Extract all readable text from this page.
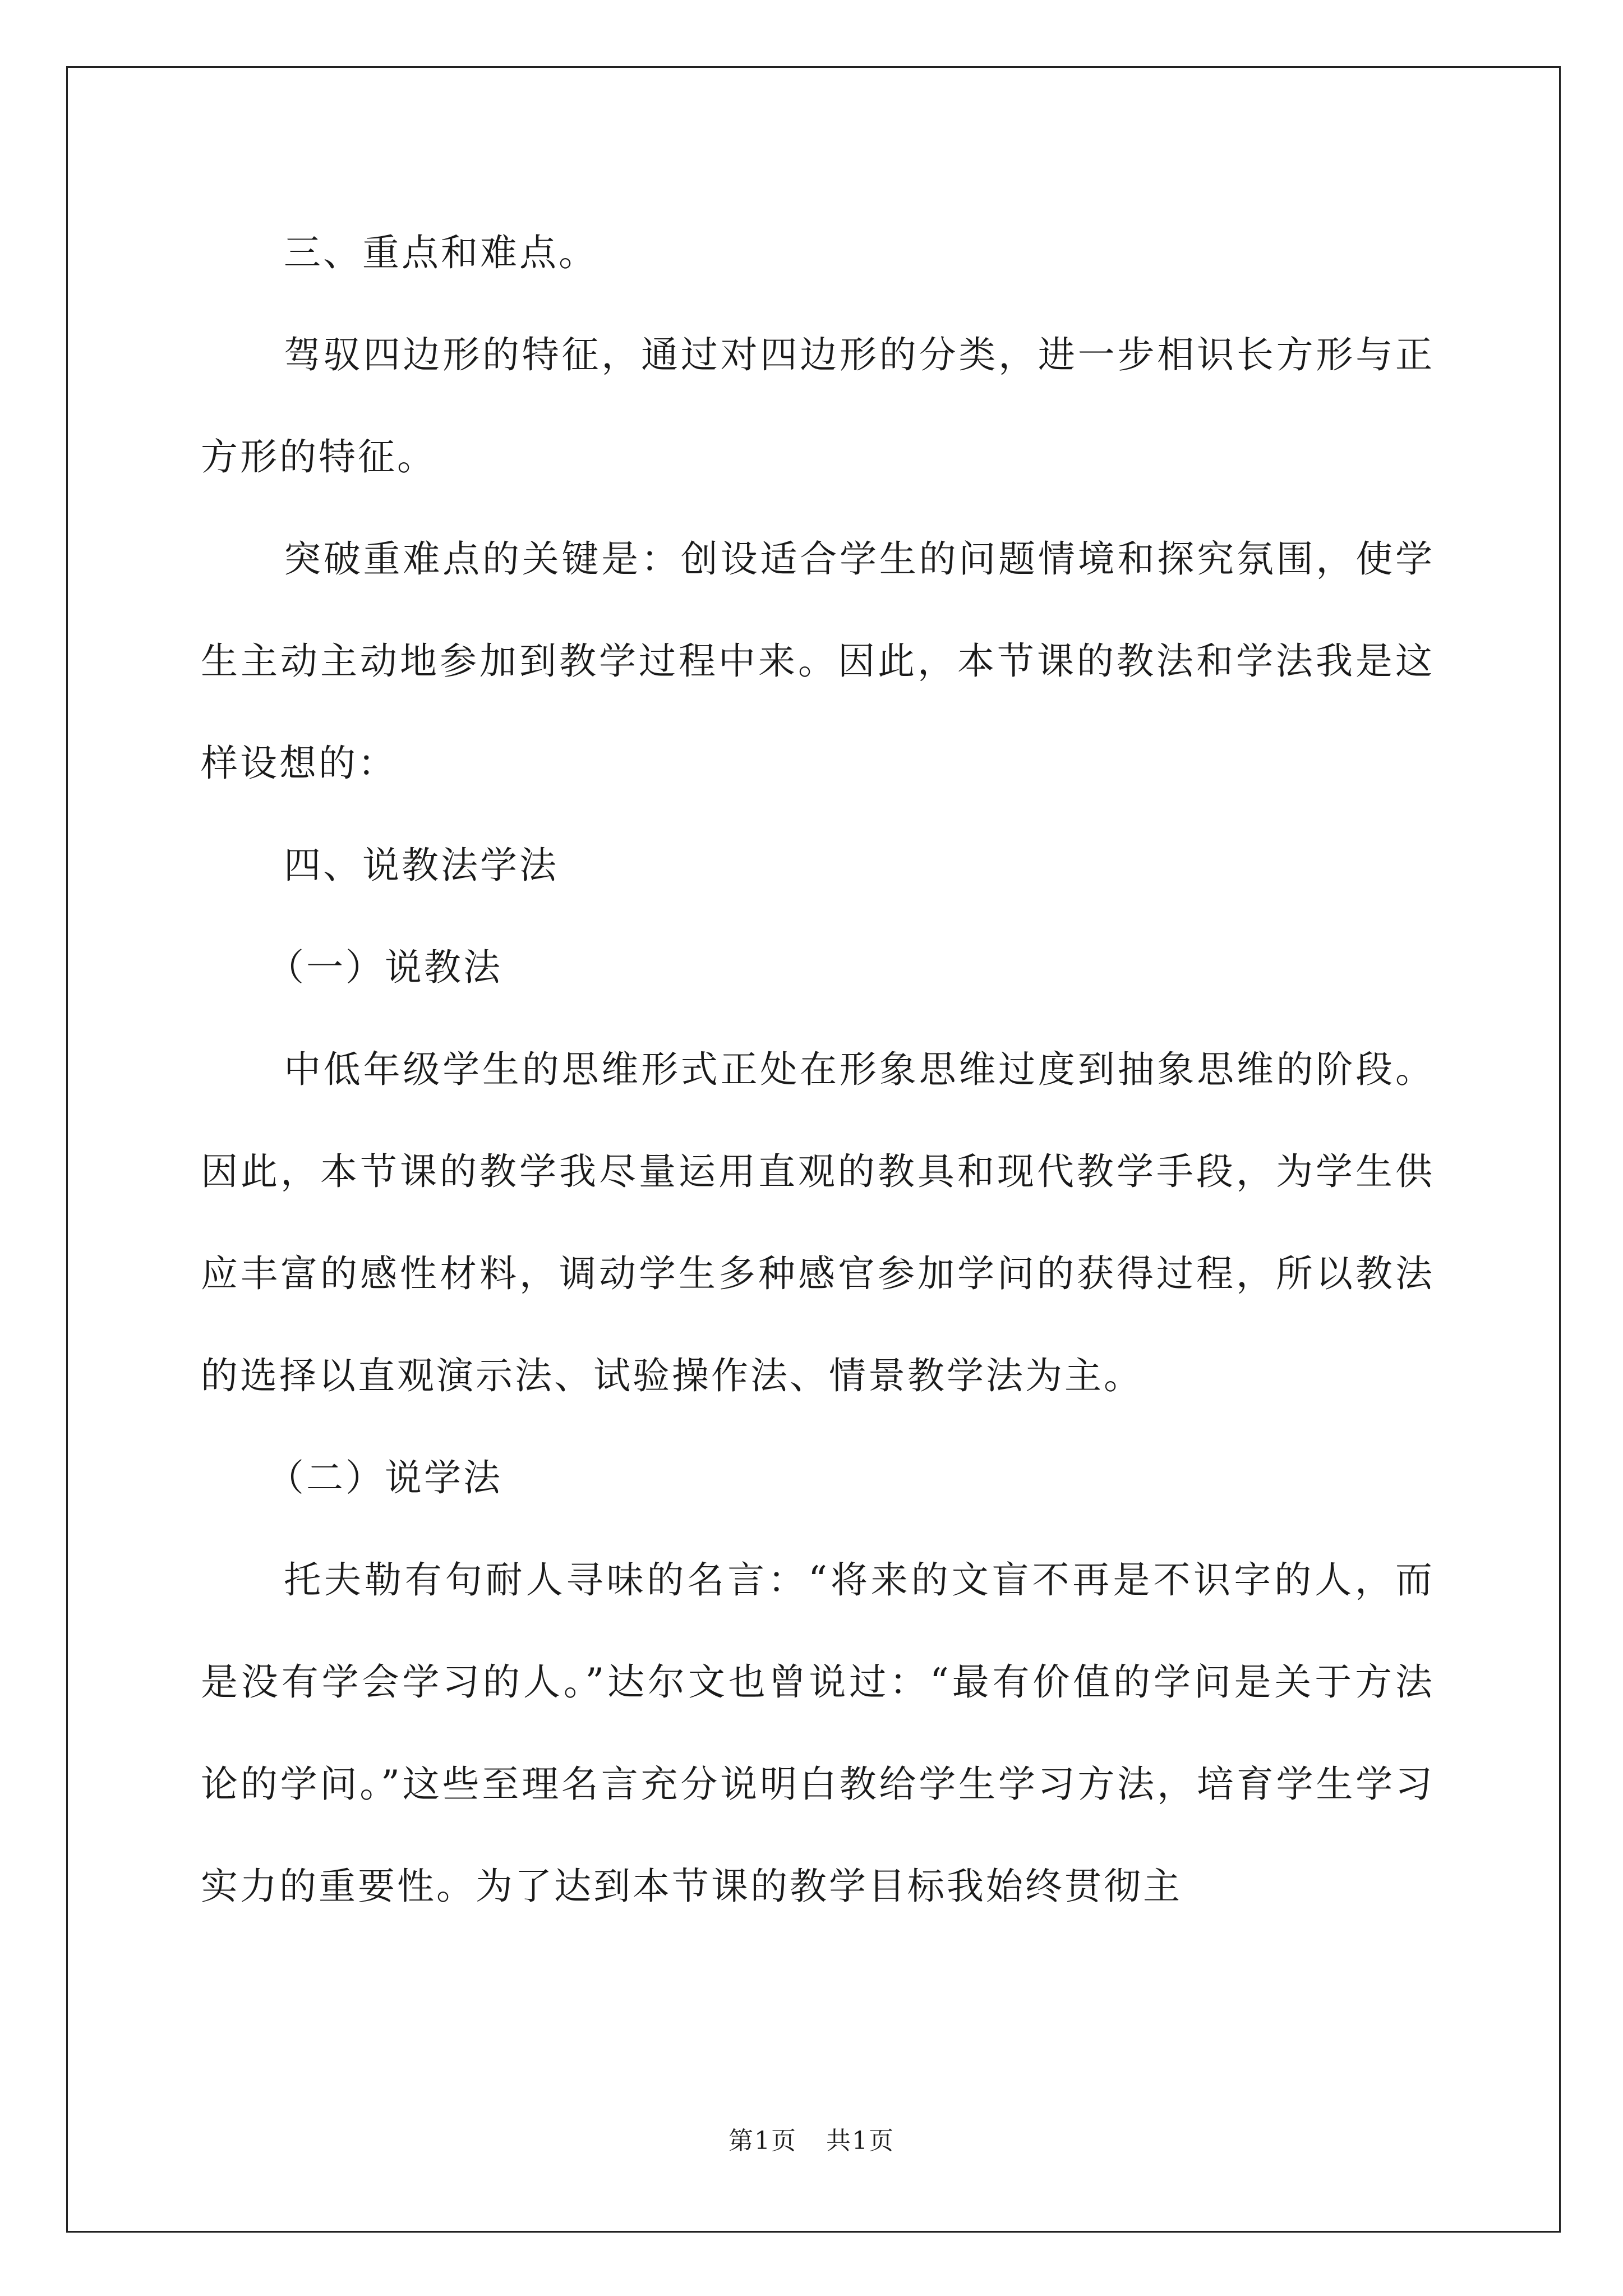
三、重点和难点。

驾驭四边形的特征，通过对四边形的分类，进一步相识长方形与正方形的特征。

突破重难点的关键是：创设适合学生的问题情境和探究氛围，使学生主动主动地参加到教学过程中来。因此，本节课的教法和学法我是这样设想的：

四、说教法学法

（一）说教法

中低年级学生的思维形式正处在形象思维过度到抽象思维的阶段。因此，本节课的教学我尽量运用直观的教具和现代教学手段，为学生供应丰富的感性材料，调动学生多种感官参加学问的获得过程，所以教法的选择以直观演示法、试验操作法、情景教学法为主。

（二）说学法

托夫勒有句耐人寻味的名言：“将来的文盲不再是不识字的人，而是没有学会学习的人。”达尔文也曾说过：“最有价值的学问是关于方法论的学问。”这些至理名言充分说明白教给学生学习方法，培育学生学习实力的重要性。为了达到本节课的教学目标我始终贯彻主

第1页 共1页
